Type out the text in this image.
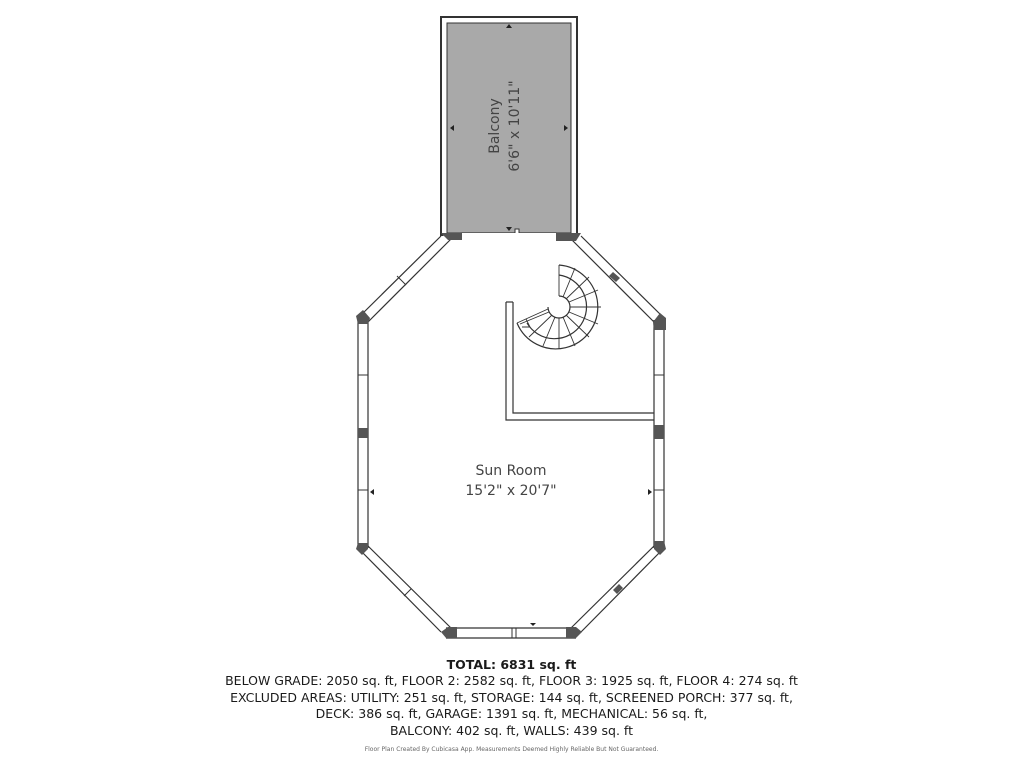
Balcony 6'6" x 10'11"
Sun Room
15'2" x 20'7"
TOTAL: 6831 sq. ft
BELOW GRADE: 2050 sq. ft, FLOOR 2: 2582 sq. ft, FLOOR 3: 1925 sq. ft, FLOOR 4: 274 sq. ft
EXCLUDED AREAS: UTILITY: 251 sq. ft, STORAGE: 144 sq. ft, SCREENED PORCH: 377 sq. ft,
DECK: 386 sq. ft, GARAGE: 1391 sq. ft, MECHANICAL: 56 sq. ft,
BALCONY: 402 sq. ft, WALLS: 439 sq. ft
Floor Plan Created By Cubicasa App. Measurements Deemed Highly Reliable But Not Guaranteed.
